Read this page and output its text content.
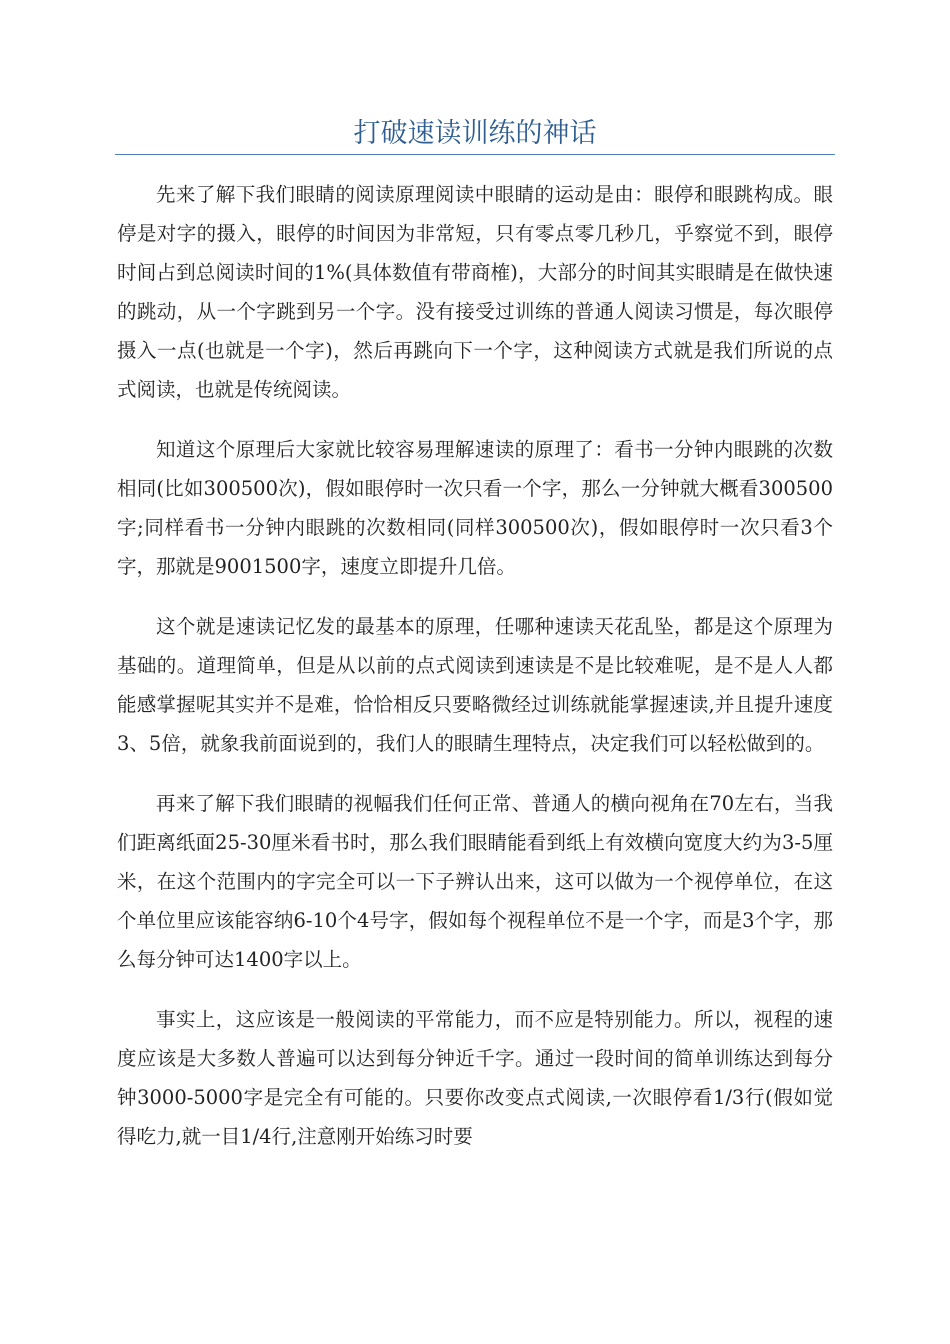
打破速读训练的神话

先来了解下我们眼睛的阅读原理阅读中眼睛的运动是由：眼停和眼跳构成。眼停是对字的摄入，眼停的时间因为非常短，只有零点零几秒几，乎察觉不到，眼停时间占到总阅读时间的1%(具体数值有带商榷)，大部分的时间其实眼睛是在做快速的跳动，从一个字跳到另一个字。没有接受过训练的普通人阅读习惯是，每次眼停摄入一点(也就是一个字)，然后再跳向下一个字，这种阅读方式就是我们所说的点式阅读，也就是传统阅读。

知道这个原理后大家就比较容易理解速读的原理了：看书一分钟内眼跳的次数相同(比如300500次)，假如眼停时一次只看一个字，那么一分钟就大概看300500字;同样看书一分钟内眼跳的次数相同(同样300500次)，假如眼停时一次只看3个字，那就是9001500字，速度立即提升几倍。

这个就是速读记忆发的最基本的原理，任哪种速读天花乱坠，都是这个原理为基础的。道理简单，但是从以前的点式阅读到速读是不是比较难呢，是不是人人都能感掌握呢其实并不是难，恰恰相反只要略微经过训练就能掌握速读,并且提升速度3、5倍，就象我前面说到的，我们人的眼睛生理特点，决定我们可以轻松做到的。

再来了解下我们眼睛的视幅我们任何正常、普通人的横向视角在70左右，当我们距离纸面25-30厘米看书时，那么我们眼睛能看到纸上有效横向宽度大约为3-5厘米，在这个范围内的字完全可以一下子辨认出来，这可以做为一个视停单位，在这个单位里应该能容纳6-10个4号字，假如每个视程单位不是一个字，而是3个字，那么每分钟可达1400字以上。

事实上，这应该是一般阅读的平常能力，而不应是特别能力。所以，视程的速度应该是大多数人普遍可以达到每分钟近千字。通过一段时间的简单训练达到每分钟3000-5000字是完全有可能的。只要你改变点式阅读,一次眼停看1/3行(假如觉得吃力,就一目1/4行,注意刚开始练习时要
